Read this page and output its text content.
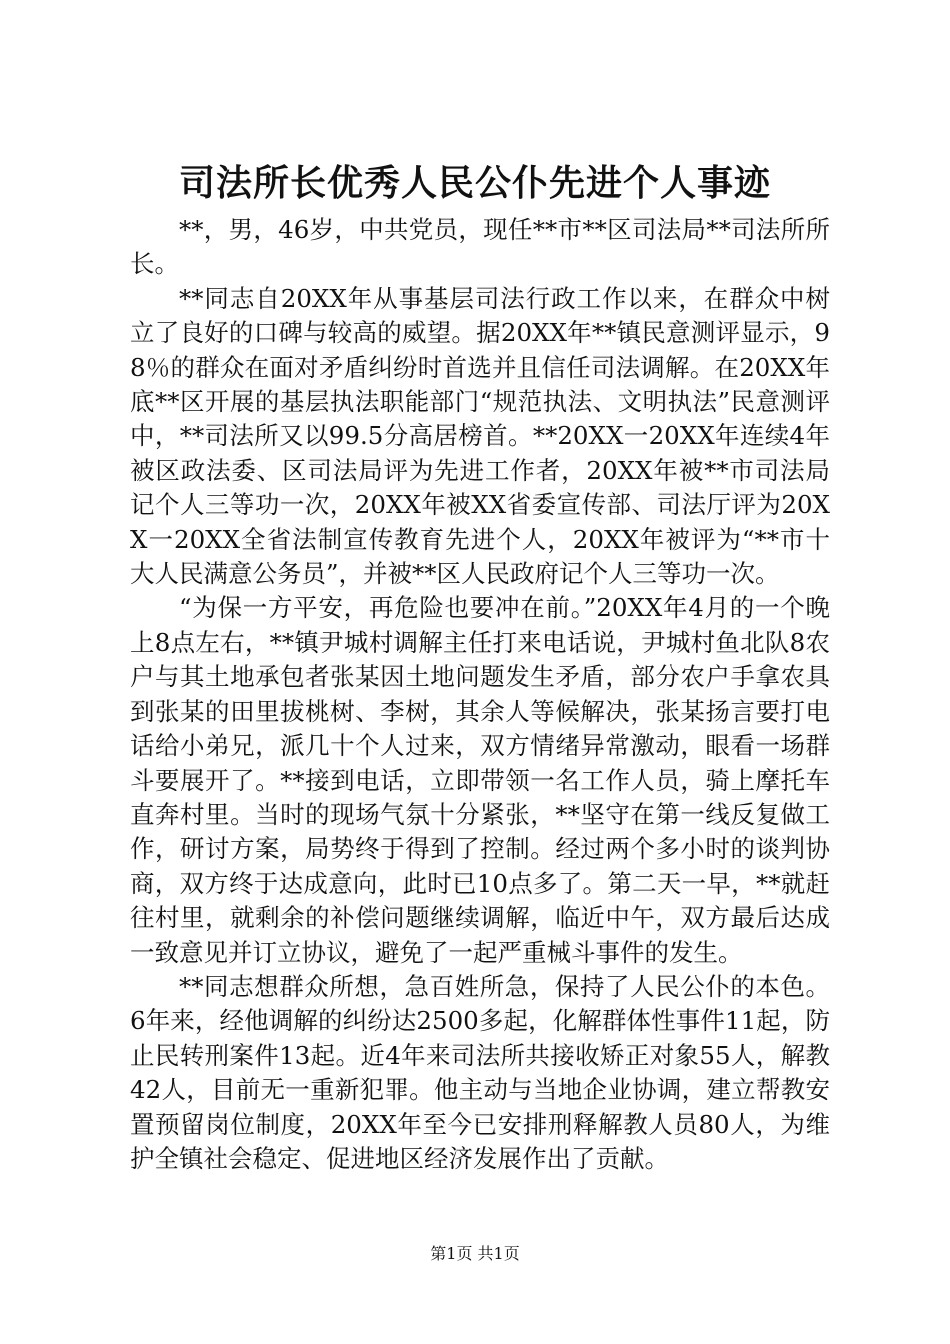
司法所长优秀人民公仆先进个人事迹

**，男，46岁，中共党员，现任**市**区司法局**司法所所长。

**同志自20XX年从事基层司法行政工作以来，在群众中树立了良好的口碑与较高的威望。据20XX年**镇民意测评显示，98％的群众在面对矛盾纠纷时首选并且信任司法调解。在20XX年底**区开展的基层执法职能部门“规范执法、文明执法”民意测评中，**司法所又以99.5分高居榜首。**20XX一20XX年连续4年被区政法委、区司法局评为先进工作者，20XX年被**市司法局记个人三等功一次，20XX年被XX省委宣传部、司法厅评为20XX一20XX全省法制宣传教育先进个人，20XX年被评为“**市十大人民满意公务员”，并被**区人民政府记个人三等功一次。

“为保一方平安，再危险也要冲在前。”20XX年4月的一个晚上8点左右，**镇尹城村调解主任打来电话说，尹城村鱼北队8农户与其土地承包者张某因土地问题发生矛盾，部分农户手拿农具到张某的田里拔桃树、李树，其余人等候解决，张某扬言要打电话给小弟兄，派几十个人过来，双方情绪异常激动，眼看一场群斗要展开了。**接到电话，立即带领一名工作人员，骑上摩托车直奔村里。当时的现场气氛十分紧张，**坚守在第一线反复做工作，研讨方案，局势终于得到了控制。经过两个多小时的谈判协商，双方终于达成意向，此时已10点多了。第二天一早，**就赶往村里，就剩余的补偿问题继续调解，临近中午，双方最后达成一致意见并订立协议，避免了一起严重械斗事件的发生。

**同志想群众所想，急百姓所急，保持了人民公仆的本色。6年来，经他调解的纠纷达2500多起，化解群体性事件11起，防止民转刑案件13起。近4年来司法所共接收矫正对象55人，解教42人，目前无一重新犯罪。他主动与当地企业协调，建立帮教安置预留岗位制度，20XX年至今已安排刑释解教人员80人，为维护全镇社会稳定、促进地区经济发展作出了贡献。

第1页 共1页
